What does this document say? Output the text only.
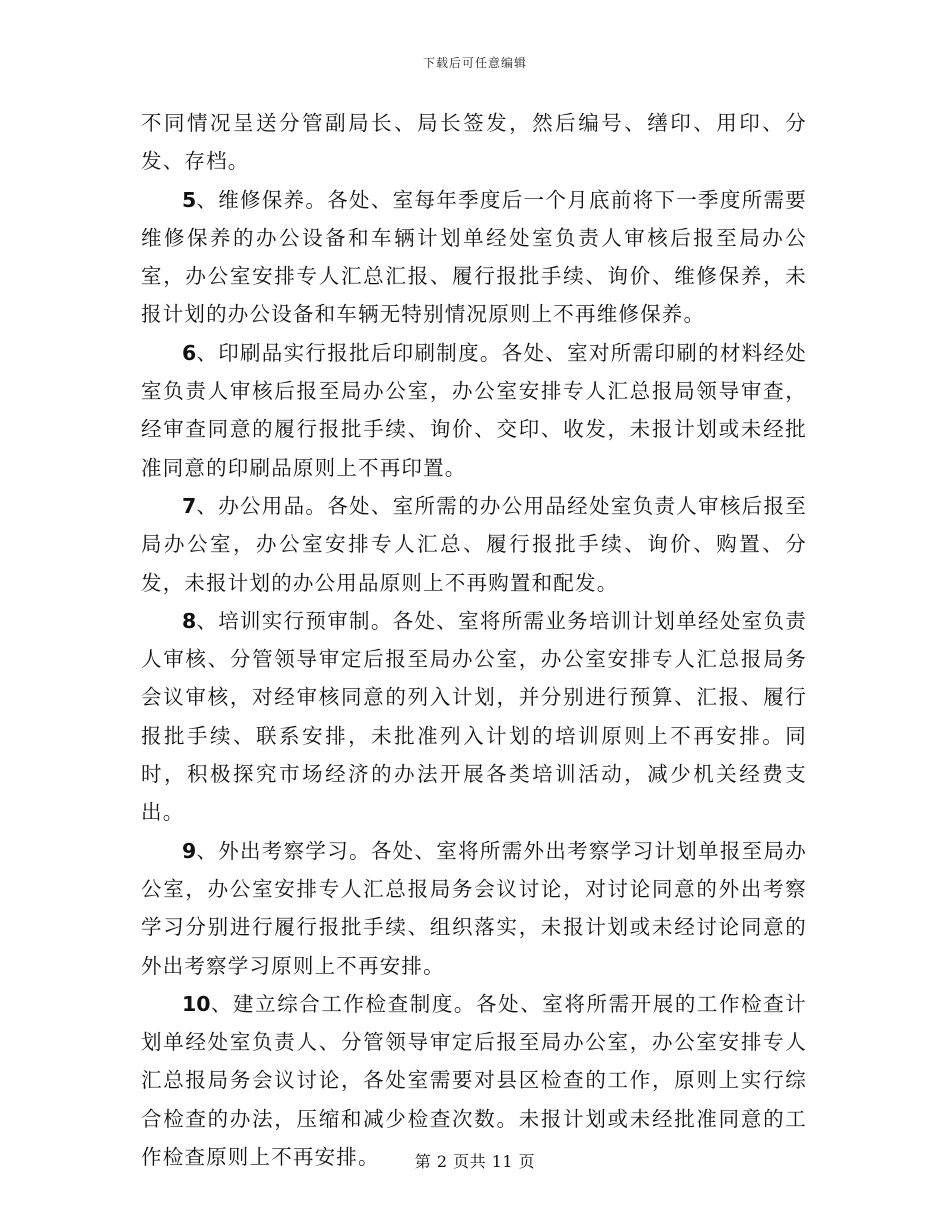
下载后可任意编辑

不同情况呈送分管副局长、局长签发，然后编号、缮印、用印、分发、存档。

5、维修保养。各处、室每年季度后一个月底前将下一季度所需要维修保养的办公设备和车辆计划单经处室负责人审核后报至局办公室，办公室安排专人汇总汇报、履行报批手续、询价、维修保养，未报计划的办公设备和车辆无特别情况原则上不再维修保养。

6、印刷品实行报批后印刷制度。各处、室对所需印刷的材料经处室负责人审核后报至局办公室，办公室安排专人汇总报局领导审查，经审查同意的履行报批手续、询价、交印、收发，未报计划或未经批准同意的印刷品原则上不再印置。

7、办公用品。各处、室所需的办公用品经处室负责人审核后报至局办公室，办公室安排专人汇总、履行报批手续、询价、购置、分发，未报计划的办公用品原则上不再购置和配发。

8、培训实行预审制。各处、室将所需业务培训计划单经处室负责人审核、分管领导审定后报至局办公室，办公室安排专人汇总报局务会议审核，对经审核同意的列入计划，并分别进行预算、汇报、履行报批手续、联系安排，未批准列入计划的培训原则上不再安排。同时，积极探究市场经济的办法开展各类培训活动，减少机关经费支出。

9、外出考察学习。各处、室将所需外出考察学习计划单报至局办公室，办公室安排专人汇总报局务会议讨论，对讨论同意的外出考察学习分别进行履行报批手续、组织落实，未报计划或未经讨论同意的外出考察学习原则上不再安排。

10、建立综合工作检查制度。各处、室将所需开展的工作检查计划单经处室负责人、分管领导审定后报至局办公室，办公室安排专人汇总报局务会议讨论，各处室需要对县区检查的工作，原则上实行综合检查的办法，压缩和减少检查次数。未报计划或未经批准同意的工作检查原则上不再安排。	第 2 页共 11 页
